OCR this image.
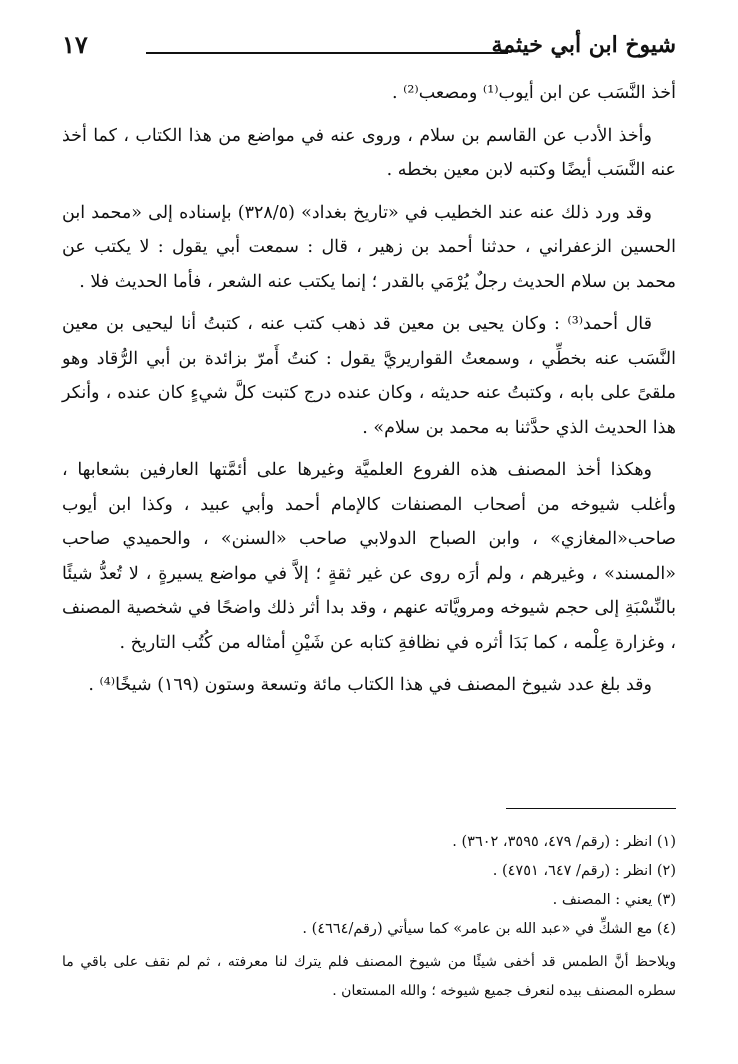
شيوخ ابن أبي خيثمة
١٧

أخذ النَّسَب عن ابن أيوب⁽¹⁾ ومصعب⁽²⁾ .

وأخذ الأدب عن القاسم بن سلام ، وروى عنه في مواضع من هذا الكتاب ، كما أخذ عنه النَّسَب أيضًا وكتبه لابن معين بخطه .

وقد ورد ذلك عنه عند الخطيب في «تاريخ بغداد» (٣٢٨/٥) بإسناده إلى «محمد ابن الحسين الزعفراني ، حدثنا أحمد بن زهير ، قال : سمعت أبي يقول : لا يكتب عن محمد بن سلام الحديث رجلٌ يُرْمَي بالقدر ؛ إنما يكتب عنه الشعر ، فأما الحديث فلا .

قال أحمد⁽³⁾ : وكان يحيى بن معين قد ذهب كتب عنه ، كتبتُ أنا ليحيى بن معين النَّسَب عنه بخطِّي ، وسمعتُ القواريريَّ يقول : كنتُ أَمرّ بزائدة بن أبي الرُّقاد وهو ملقىً على بابه ، وكتبتُ عنه حديثه ، وكان عنده درج كتبت كلَّ شيءٍ كان عنده ، وأنكر هذا الحديث الذي حدَّثنا به محمد بن سلام» .

وهكذا أخذ المصنف هذه الفروع العلميَّة وغيرها على أئمَّتها العارفين بشعابها ، وأغلب شيوخه من أصحاب المصنفات كالإمام أحمد وأبي عبيد ، وكذا ابن أيوب صاحب«المغازي» ، وابن الصباح الدولابي صاحب «السنن» ، والحميدي صاحب «المسند» ، وغيرهم ، ولم أرَه روى عن غير ثقةٍ ؛ إلاَّ في مواضع يسيرةٍ ، لا تُعدُّ شيئًا بالنِّسْبَةِ إلى حجم شيوخه ومرويَّاته عنهم ، وقد بدا أثر ذلك واضحًا في شخصية المصنف ، وغزارة عِلْمه ، كما بَدَا أثره في نظافةِ كتابه عن شَيْنِ أمثاله من كُتُب التاريخ .

وقد بلغ عدد شيوخ المصنف في هذا الكتاب مائة وتسعة وستون (١٦٩) شيخًا⁽⁴⁾ .

(١) انظر : (رقم/ ٤٧٩، ٣٥٩٥، ٣٦٠٢) .

(٢) انظر : (رقم/ ٦٤٧، ٤٧٥١) .

(٣) يعني : المصنف .

(٤) مع الشكِّ في «عبد الله بن عامر» كما سيأتي (رقم/٤٦٦٤) .

ويلاحظ أنَّ الطمس قد أخفى شيئًا من شيوخ المصنف فلم يترك لنا معرفته ، ثم لم نقف على باقي ما سطره المصنف بيده لنعرف جميع شيوخه ؛ والله المستعان .
